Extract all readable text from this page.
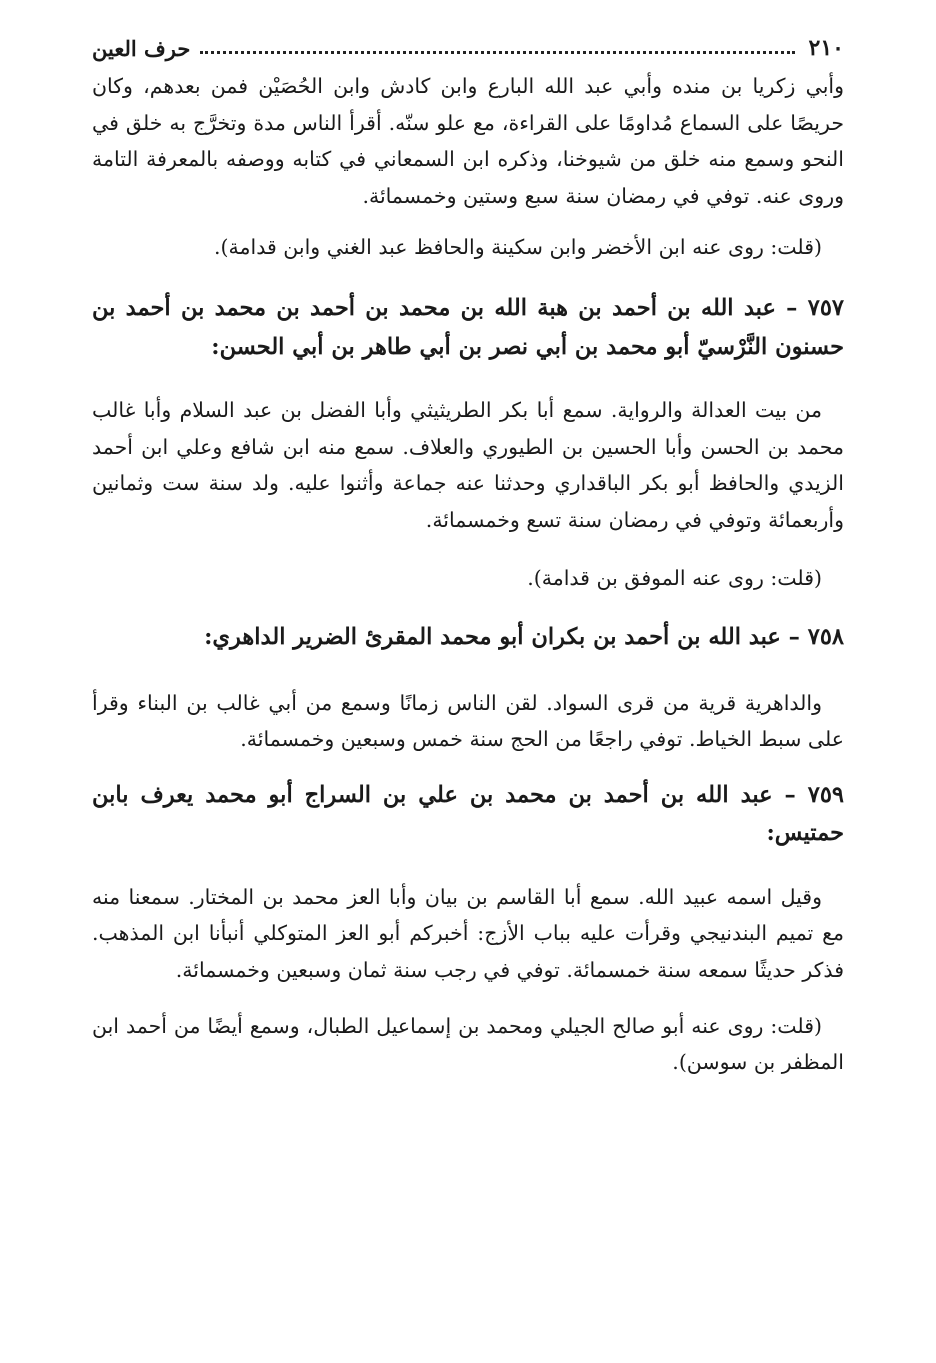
٢١٠
حرف العين

وأبي زكريا بن منده وأبي عبد الله البارع وابن كادش وابن الحُصَيْن فمن بعدهم، وكان حريصًا على السماع مُداومًا على القراءة، مع علو سنّه. أقرأ الناس مدة وتخرَّج به خلق في النحو وسمع منه خلق من شيوخنا، وذكره ابن السمعاني في كتابه ووصفه بالمعرفة التامة وروى عنه. توفي في رمضان سنة سبع وستين وخمسمائة.

(قلت: روى عنه ابن الأخضر وابن سكينة والحافظ عبد الغني وابن قدامة).

٧٥٧ – عبد الله بن أحمد بن هبة الله بن محمد بن أحمد بن محمد بن أحمد بن حسنون النَّرْسيّ أبو محمد بن أبي نصر بن أبي طاهر بن أبي الحسن:

من بيت العدالة والرواية. سمع أبا بكر الطريثيثي وأبا الفضل بن عبد السلام وأبا غالب محمد بن الحسن وأبا الحسين بن الطيوري والعلاف. سمع منه ابن شافع وعلي ابن أحمد الزيدي والحافظ أبو بكر الباقداري وحدثنا عنه جماعة وأثنوا عليه. ولد سنة ست وثمانين وأربعمائة وتوفي في رمضان سنة تسع وخمسمائة.

(قلت: روى عنه الموفق بن قدامة).

٧٥٨ – عبد الله بن أحمد بن بكران أبو محمد المقرئ الضرير الداهري:

والداهرية قرية من قرى السواد. لقن الناس زمانًا وسمع من أبي غالب بن البناء وقرأ على سبط الخياط. توفي راجعًا من الحج سنة خمس وسبعين وخمسمائة.

٧٥٩ – عبد الله بن أحمد بن محمد بن علي بن السراج أبو محمد يعرف بابن حمتيس:

وقيل اسمه عبيد الله. سمع أبا القاسم بن بيان وأبا العز محمد بن المختار. سمعنا منه مع تميم البندنيجي وقرأت عليه بباب الأزج: أخبركم أبو العز المتوكلي أنبأنا ابن المذهب. فذكر حديثًا سمعه سنة خمسمائة. توفي في رجب سنة ثمان وسبعين وخمسمائة.

(قلت: روى عنه أبو صالح الجيلي ومحمد بن إسماعيل الطبال، وسمع أيضًا من أحمد ابن المظفر بن سوسن).
